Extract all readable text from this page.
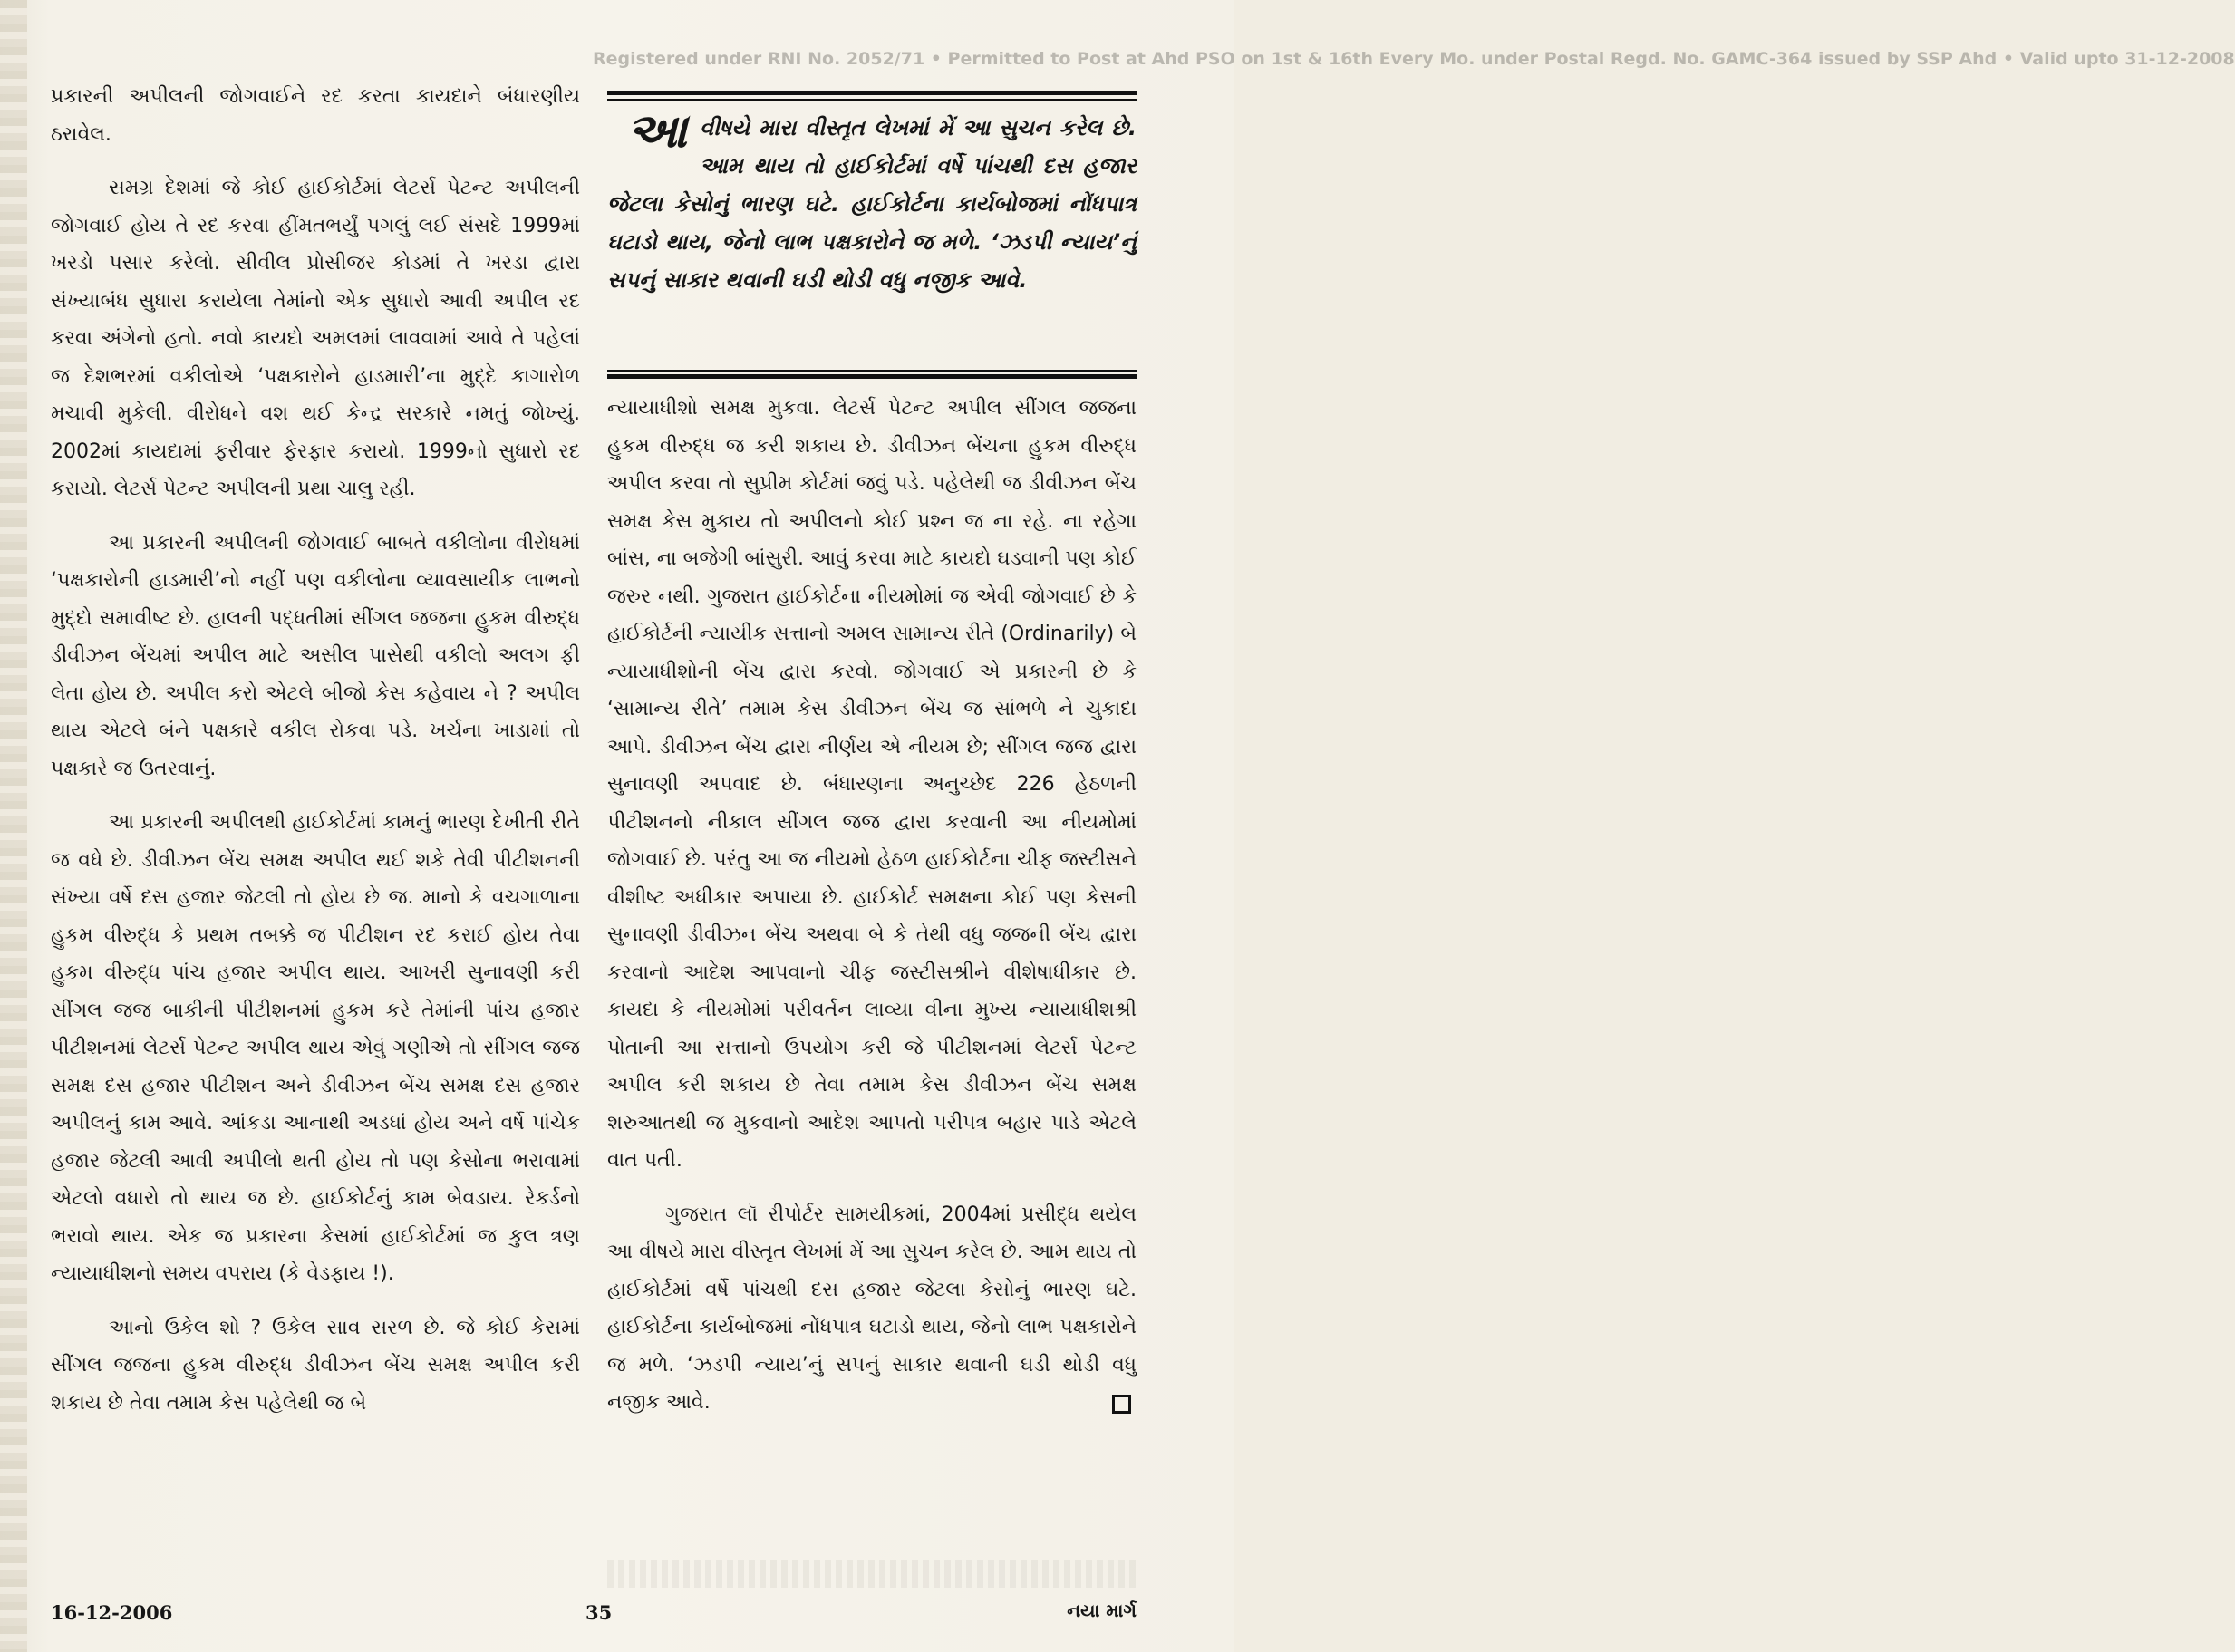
Registered under RNI No. 2052/71 • Permitted to Post at Ahd PSO on 1st & 16th Every Mo. under Postal Regd. No. GAMC-364 issued by SSP Ahd • Valid upto 31-12-2008

પ્રકારની અપીલની જોગવાઈને રદ કરતા કાયદાને બંધારણીય ઠરાવેલ.

સમગ્ર દેશમાં જે કોઈ હાઈકોર્ટમાં લેટર્સ પેટન્ટ અપીલની જોગવાઈ હોય તે રદ કરવા હીંમતભર્યું પગલું લઈ સંસદે 1999માં ખરડો પસાર કરેલો. સીવીલ પ્રોસીજર કોડમાં તે ખરડા દ્વારા સંખ્યાબંધ સુધારા કરાયેલા તેમાંનો એક સુધારો આવી અપીલ રદ કરવા અંગેનો હતો. નવો કાયદો અમલમાં લાવવામાં આવે તે પહેલાં જ દેશભરમાં વકીલોએ ‘પક્ષકારોને હાડમારી’ના મુદ્દે કાગારોળ મચાવી મુકેલી. વીરોધને વશ થઈ કેન્દ્ર સરકારે નમતું જોખ્યું. 2002માં કાયદામાં ફરીવાર ફેરફાર કરાયો. 1999નો સુધારો રદ કરાયો. લેટર્સ પેટન્ટ અપીલની પ્રથા ચાલુ રહી.

આ પ્રકારની અપીલની જોગવાઈ બાબતે વકીલોના વીરોધમાં ‘પક્ષકારોની હાડમારી’નો નહીં પણ વકીલોના વ્યાવસાયીક લાભનો મુદ્દો સમાવીષ્ટ છે. હાલની પદ્ધતીમાં સીંગલ જજના હુકમ વીરુદ્ધ ડીવીઝન બેંચમાં અપીલ માટે અસીલ પાસેથી વકીલો અલગ ફી લેતા હોય છે. અપીલ કરો એટલે બીજો કેસ કહેવાય ને ? અપીલ થાય એટલે બંને પક્ષકારે વકીલ રોકવા પડે. ખર્ચના ખાડામાં તો પક્ષકારે જ ઉતરવાનું.

આ પ્રકારની અપીલથી હાઈકોર્ટમાં કામનું ભારણ દેખીતી રીતે જ વધે છે. ડીવીઝન બેંચ સમક્ષ અપીલ થઈ શકે તેવી પીટીશનની સંખ્યા વર્ષે દસ હજાર જેટલી તો હોય છે જ. માનો કે વચગાળાના હુકમ વીરુદ્ધ કે પ્રથમ તબક્કે જ પીટીશન રદ કરાઈ હોય તેવા હુકમ વીરુદ્ધ પાંચ હજાર અપીલ થાય. આખરી સુનાવણી કરી સીંગલ જજ બાકીની પીટીશનમાં હુકમ કરે તેમાંની પાંચ હજાર પીટીશનમાં લેટર્સ પેટન્ટ અપીલ થાય એવું ગણીએ તો સીંગલ જજ સમક્ષ દસ હજાર પીટીશન અને ડીવીઝન બેંચ સમક્ષ દસ હજાર અપીલનું કામ આવે. આંકડા આનાથી અડધાં હોય અને વર્ષે પાંચેક હજાર જેટલી આવી અપીલો થતી હોય તો પણ કેસોના ભરાવામાં એટલો વધારો તો થાય જ છે. હાઈકોર્ટનું કામ બેવડાય. રેકર્ડનો ભરાવો થાય. એક જ પ્રકારના કેસમાં હાઈકોર્ટમાં જ કુલ ત્રણ ન્યાયાધીશનો સમય વપરાય (કે વેડફાય !).

આનો ઉકેલ શો ? ઉકેલ સાવ સરળ છે. જે કોઈ કેસમાં સીંગલ જજના હુકમ વીરુદ્ધ ડીવીઝન બેંચ સમક્ષ અપીલ કરી શકાય છે તેવા તમામ કેસ પહેલેથી જ બે

આ વીષયે મારા વીસ્તૃત લેખમાં મેં આ સુચન કરેલ છે. આમ થાય તો હાઈકોર્ટમાં વર્ષે પાંચથી દસ હજાર જેટલા કેસોનું ભારણ ઘટે. હાઈકોર્ટના કાર્યબોજમાં નોંધપાત્ર ઘટાડો થાય, જેનો લાભ પક્ષકારોને જ મળે. ‘ઝડપી ન્યાય’નું સપનું સાકાર થવાની ઘડી થોડી વધુ નજીક આવે.

ન્યાયાધીશો સમક્ષ મુકવા. લેટર્સ પેટન્ટ અપીલ સીંગલ જજના હુકમ વીરુદ્ધ જ કરી શકાય છે. ડીવીઝન બેંચના હુકમ વીરુદ્ધ અપીલ કરવા તો સુપ્રીમ કોર્ટમાં જવું પડે. પહેલેથી જ ડીવીઝન બેંચ સમક્ષ કેસ મુકાય તો અપીલનો કોઈ પ્રશ્ન જ ના રહે. ના રહેગા બાંસ, ના બજેગી બાંસુરી. આવું કરવા માટે કાયદો ઘડવાની પણ કોઈ જરુર નથી. ગુજરાત હાઈકોર્ટના નીયમોમાં જ એવી જોગવાઈ છે કે હાઈકોર્ટની ન્યાયીક સત્તાનો અમલ સામાન્ય રીતે (Ordinarily) બે ન્યાયાધીશોની બેંચ દ્વારા કરવો. જોગવાઈ એ પ્રકારની છે કે ‘સામાન્ય રીતે’ તમામ કેસ ડીવીઝન બેંચ જ સાંભળે ને ચુકાદા આપે. ડીવીઝન બેંચ દ્વારા નીર્ણય એ નીયમ છે; સીંગલ જજ દ્વારા સુનાવણી અપવાદ છે. બંધારણના અનુચ્છેદ 226 હેઠળની પીટીશનનો નીકાલ સીંગલ જજ દ્વારા કરવાની આ નીયમોમાં જોગવાઈ છે. પરંતુ આ જ નીયમો હેઠળ હાઈકોર્ટના ચીફ જસ્ટીસને વીશીષ્ટ અધીકાર અપાયા છે. હાઈકોર્ટ સમક્ષના કોઈ પણ કેસની સુનાવણી ડીવીઝન બેંચ અથવા બે કે તેથી વધુ જજની બેંચ દ્વારા કરવાનો આદેશ આપવાનો ચીફ જસ્ટીસશ્રીને વીશેષાધીકાર છે. કાયદા કે નીયમોમાં પરીવર્તન લાવ્યા વીના મુખ્ય ન્યાયાધીશશ્રી પોતાની આ સત્તાનો ઉપયોગ કરી જે પીટીશનમાં લેટર્સ પેટન્ટ અપીલ કરી શકાય છે તેવા તમામ કેસ ડીવીઝન બેંચ સમક્ષ શરુઆતથી જ મુકવાનો આદેશ આપતો પરીપત્ર બહાર પાડે એટલે વાત પતી.

ગુજરાત લૉ રીપોર્ટર સામયીકમાં, 2004માં પ્રસીદ્ધ થયેલ આ વીષયે મારા વીસ્તૃત લેખમાં મેં આ સુચન કરેલ છે. આમ થાય તો હાઈકોર્ટમાં વર્ષે પાંચથી દસ હજાર જેટલા કેસોનું ભારણ ઘટે. હાઈકોર્ટના કાર્યબોજમાં નોંધપાત્ર ઘટાડો થાય, જેનો લાભ પક્ષકારોને જ મળે. ‘ઝડપી ન્યાય’નું સપનું સાકાર થવાની ઘડી થોડી વધુ નજીક આવે.

16-12-2006	35	નયા માર્ગ
